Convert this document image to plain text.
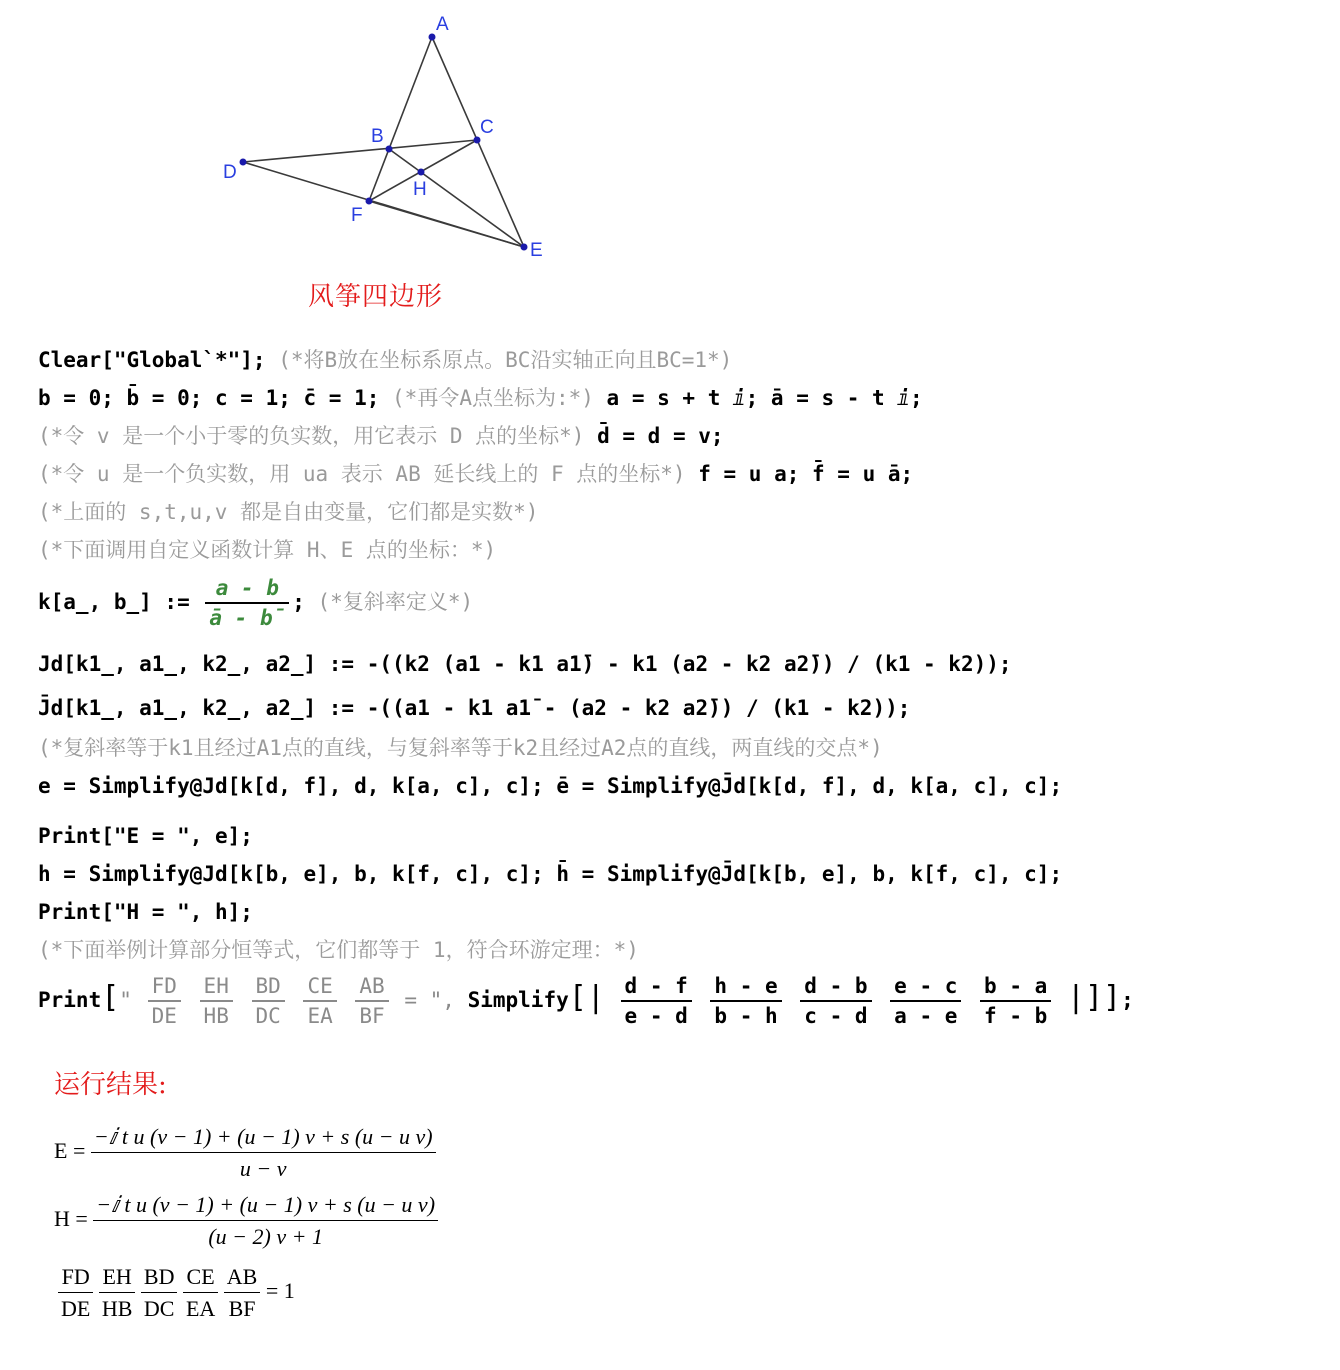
A
B	C
D
E
F
H
风筝四边形
Clear["Global`*"]; (*将B放在坐标系原点。BC沿实轴正向且BC=1*)
b = 0; b̄ = 0; c = 1; c̄ = 1; (*再令A点坐标为:*) a = s + t ⅈ; ā = s - t ⅈ;
(*令 v 是一个小于零的负实数，用它表示 D 点的坐标*) d̄ = d = v;
(*令 u 是一个负实数，用 ua 表示 AB 延长线上的 F 点的坐标*) f = u a; f̄ = u ā;
(*上面的 s,t,u,v 都是自由变量，它们都是实数*)
(*下面调用自定义函数计算 H、E 点的坐标：*)
k[a_, b_] := $\frac{a - b}{ā - b̄}$ ; (*复斜率定义*)
Jd[k1_, a1_, k2_, a2_] := -((k2 (a1 - k1 a1̄) - k1 (a2 - k2 a2̄)) / (k1 - k2));
J̄d[k1_, a1_, k2_, a2_] := -((a1 - k1 a1̄ - (a2 - k2 a2̄)) / (k1 - k2));
(*复斜率等于k1且经过A1点的直线，与复斜率等于k2且经过A2点的直线，两直线的交点*)
e = Simplify@Jd[k[d, f], d, k[a, c], c]; ē = Simplify@J̄d[k[d, f], d, k[a, c], c];
Print["E = ", e];
h = Simplify@Jd[k[b, e], b, k[f, c], c]; h̄ = Simplify@J̄d[k[b, e], b, k[f, c], c];
Print["H = ", h];
(*下面举例计算部分恒等式，它们都等于 1，符合环游定理：*)
Print[" $\frac{FD}{DE}$
$\frac{EH}{HB}$
$\frac{BD}{DC}$
$\frac{CE}{EA}$
$\frac{AB}{BF}$ = ", Simplify[| $\frac{d - f}{e - d}$
$\frac{h - e}{b - h}$
$\frac{d - b}{c - d}$
$\frac{e - c}{a - e}$
$\frac{b - a}{f - b}$ |]];
运行结果:
E =
−ⅈ t u (v − 1) + (u − 1) v + s (u − u v)
u − v
H =
−ⅈ t u (v − 1) + (u − 1) v + s (u − u v)
(u − 2) v + 1
$\frac{FD}{DE}$
$\frac{EH}{HB}$
$\frac{BD}{DC}$
$\frac{CE}{EA}$
$\frac{AB}{BF} = 1$
